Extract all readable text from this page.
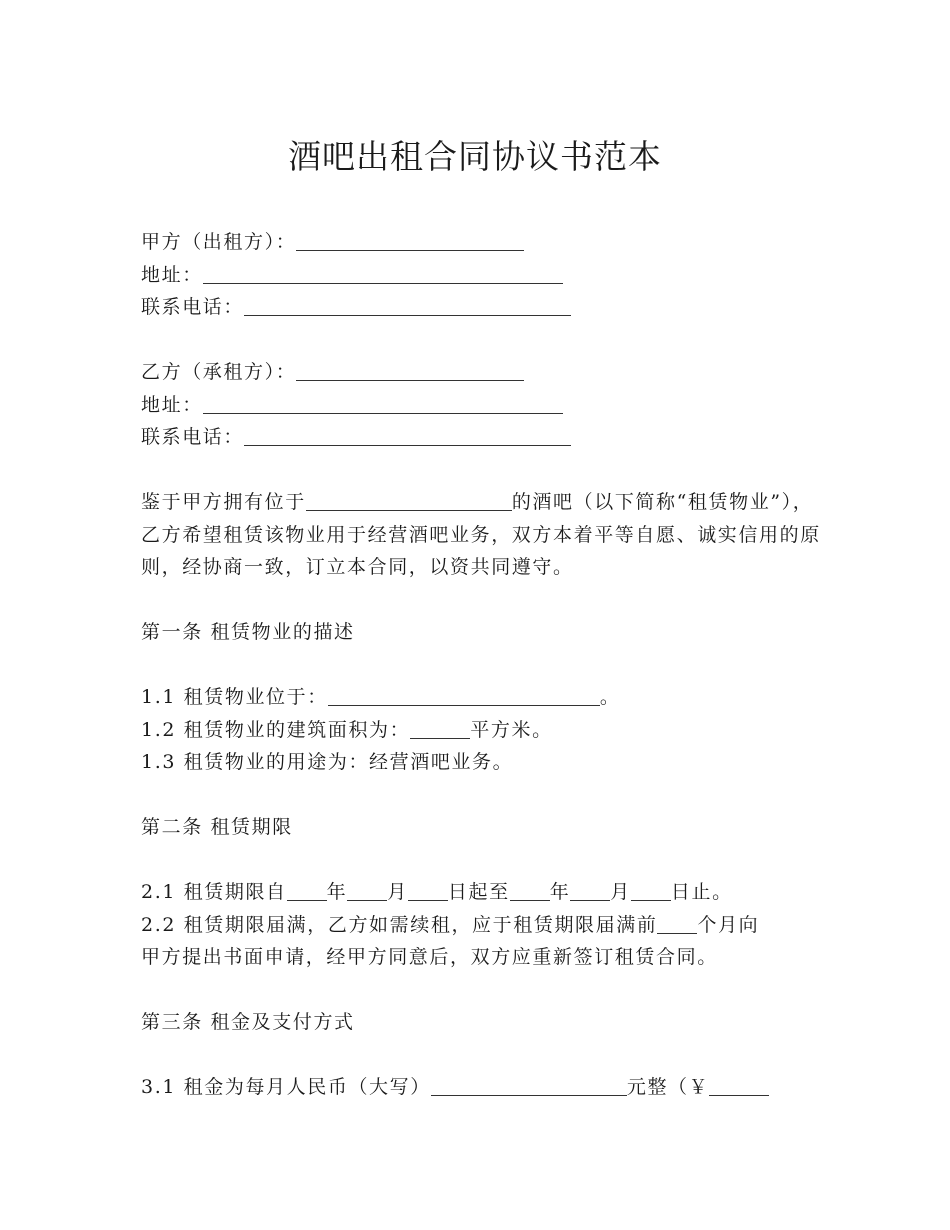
酒吧出租合同协议书范本
甲方（出租方）：
地址：
联系电话：
乙方（承租方）：
地址：
联系电话：
鉴于甲方拥有位于	的酒吧（以下简称“租赁物业”），乙方希望租赁该物业用于经营酒吧业务，双方本着平等自愿、诚实信用的原则，经协商一致，订立本合同，以资共同遵守。
第一条 租赁物业的描述
1.1 租赁物业位于：	。
1.2 租赁物业的建筑面积为：	平方米。
1.3 租赁物业的用途为：经营酒吧业务。
第二条 租赁期限
2.1 租赁期限自 年 月 日起至 年 月 日止。
2.2 租赁期限届满，乙方如需续租，应于租赁期限届满前 个月向
甲方提出书面申请，经甲方同意后，双方应重新签订租赁合同。
第三条 租金及支付方式
3.1 租金为每月人民币（大写）	元整（￥
